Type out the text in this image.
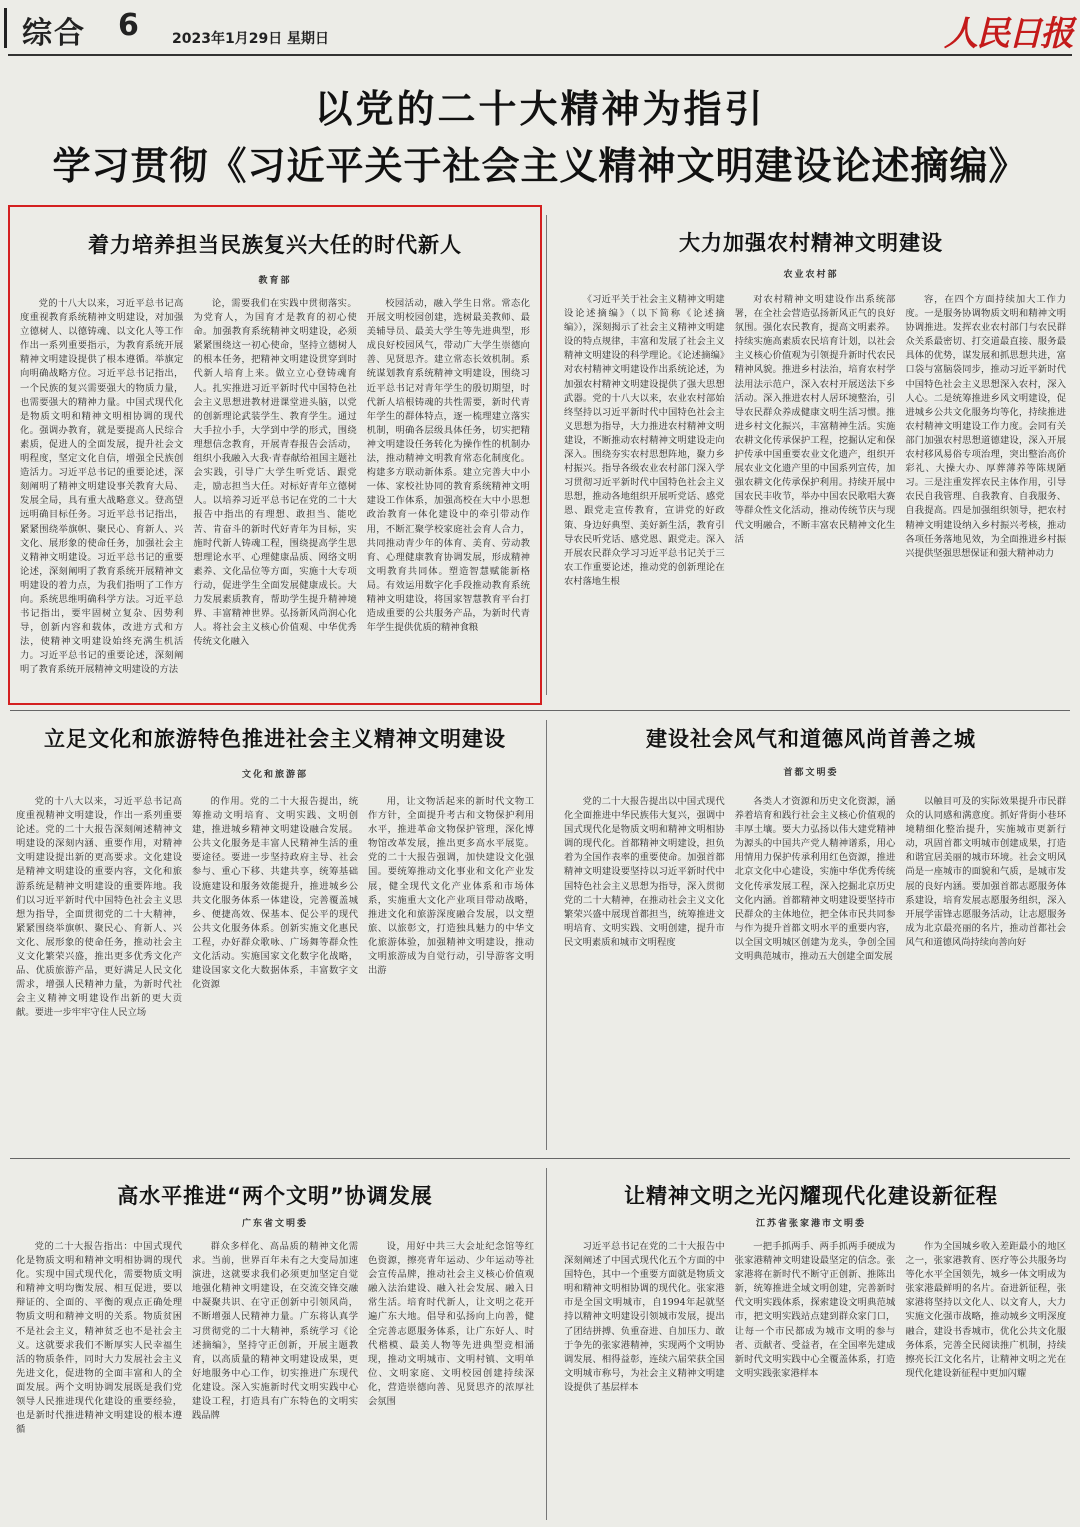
综合 6 2023年1月29日 星期日	人民日报
以党的二十大精神为指引
学习贯彻《习近平关于社会主义精神文明建设论述摘编》
着力培养担当民族复兴大任的时代新人
教育部

党的十八大以来，习近平总书记高度重视教育系统精神文明建设，对加强立德树人、以德铸魂、以文化人等工作作出一系列重要指示，为教育系统开展精神文明建设提供了根本遵循。举旗定向明确战略方位。习近平总书记指出，一个民族的复兴需要强大的物质力量，也需要强大的精神力量。中国式现代化是物质文明和精神文明相协调的现代化。强调办教育，就是要提高人民综合素质，促进人的全面发展，提升社会文明程度，坚定文化自信，增强全民族创造活力。习近平总书记的重要论述，深刻阐明了精神文明建设事关教育大局、发展全局，具有重大战略意义。登高望远明确目标任务。习近平总书记指出，紧紧围绕举旗帜、聚民心、育新人、兴文化、展形象的使命任务，加强社会主义精神文明建设。习近平总书记的重要论述，深刻阐明了教育系统开展精神文明建设的着力点，为我们指明了工作方向。系统思维明确科学方法。习近平总书记指出，要牢固树立复杂、因势利导，创新内容和载体，改进方式和方法，使精神文明建设始终充满生机活力。习近平总书记的重要论述，深刻阐明了教育系统开展精神文明建设的方法

论，需要我们在实践中贯彻落实。为党育人，为国育才是教育的初心使命。加强教育系统精神文明建设，必须紧紧围绕这一初心使命，坚持立德树人的根本任务，把精神文明建设贯穿到时代新人培育上来。做立立心登铸魂育人。扎实推进习近平新时代中国特色社会主义思想进教材进课堂进头脑，以党的创新理论武装学生、教育学生。通过大手拉小手，大学到中学的形式，围绕理想信念教育，开展青春报告会活动，组织小我融入大我·青春献给祖国主题社会实践，引导广大学生听党话、跟党走，励志担当大任。对标好青年立德树人。以培养习近平总书记在党的二十大报告中指出的有理想、敢担当、能吃苦、肯奋斗的新时代好青年为目标，实施时代新人铸魂工程，围绕提高学生思想理论水平、心理健康品质、网络文明素养、文化品位等方面，实施十大专项行动，促进学生全面发展健康成长。大力发展素质教育，帮助学生提升精神境界、丰富精神世界。弘扬新风尚润心化人。将社会主义核心价值观、中华优秀传统文化融入

校园活动，融入学生日常。常态化开展文明校园创建，选树最美教师、最美辅导员、最美大学生等先进典型，形成良好校园风气，带动广大学生崇德向善、见贤思齐。建立常态长效机制。系统谋划教育系统精神文明建设，围绕习近平总书记对青年学生的殷切期望，时代新人培根铸魂的共性需要，新时代青年学生的群体特点，逐一梳理建立落实机制，明确各层级具体任务，切实把精神文明建设任务转化为操作性的机制办法，推动精神文明教育常态化制度化。构建多方联动新体系。建立完善大中小一体、家校社协同的教育系统精神文明建设工作体系，加强高校在大中小思想政治教育一体化建设中的牵引带动作用，不断汇聚学校家庭社会育人合力，共同推动青少年的体育、美育、劳动教育、心理健康教育协调发展，形成精神文明教育共同体。塑造智慧赋能新格局。有效运用数字化手段推动教育系统精神文明建设，将国家智慧教育平台打造成重要的公共服务产品，为新时代青年学生提供优质的精神食粮

大力加强农村精神文明建设
农业农村部

《习近平关于社会主义精神文明建设论述摘编》（以下简称《论述摘编》），深刻揭示了社会主义精神文明建设的特点规律，丰富和发展了社会主义精神文明建设的科学理论。《论述摘编》对农村精神文明建设作出系统论述，为加强农村精神文明建设提供了强大思想武器。党的十八大以来，农业农村部始终坚持以习近平新时代中国特色社会主义思想为指导，大力推进农村精神文明建设，不断推动农村精神文明建设走向深入。围绕夯实农村思想阵地，聚力乡村振兴。指导各级农业农村部门深入学习贯彻习近平新时代中国特色社会主义思想，推动各地组织开展听党话、感党恩、跟党走宣传教育，宣讲党的好政策、身边好典型、美好新生活，教育引导农民听党话、感党恩、跟党走。深入开展农民群众学习习近平总书记关于三农工作重要论述，推动党的创新理论在农村落地生根

对农村精神文明建设作出系统部署，在全社会营造弘扬新风正气的良好氛围。强化农民教育，提高文明素养。持续实施高素质农民培育计划，以社会主义核心价值观为引领提升新时代农民精神风貌。推进乡村法治，培育农村学法用法示范户，深入农村开展送法下乡活动。深入推进农村人居环境整治，引导农民群众养成健康文明生活习惯。推进乡村文化振兴，丰富精神生活。实施农耕文化传承保护工程，挖掘认定和保护传承中国重要农业文化遗产，组织开展农业文化遗产里的中国系列宣传，加强农耕文化传承保护利用。持续开展中国农民丰收节，举办中国农民歌唱大赛等群众性文化活动，推动传统节庆与现代文明融合，不断丰富农民精神文化生活

容，在四个方面持续加大工作力度。一是服务协调物质文明和精神文明协调推进。发挥农业农村部门与农民群众关系最密切、打交道最直接、服务最具体的优势，谋发展和抓思想共进，富口袋与富脑袋同步，推动习近平新时代中国特色社会主义思想深入农村，深入人心。二是统筹推进乡风文明建设，促进城乡公共文化服务均等化，持续推进农村精神文明建设工作力度。会同有关部门加强农村思想道德建设，深入开展农村移风易俗专项治理，突出整治高价彩礼、大操大办、厚葬薄养等陈规陋习。三是注重发挥农民主体作用，引导农民自我管理、自我教育、自我服务、自我提高。四是加强组织领导，把农村精神文明建设纳入乡村振兴考核，推动各项任务落地见效，为全面推进乡村振兴提供坚强思想保证和强大精神动力

立足文化和旅游特色推进社会主义精神文明建设
文化和旅游部

党的十八大以来，习近平总书记高度重视精神文明建设，作出一系列重要论述。党的二十大报告深刻阐述精神文明建设的深刻内涵、重要作用，对精神文明建设提出新的更高要求。文化建设是精神文明建设的重要内容，文化和旅游系统是精神文明建设的重要阵地。我们以习近平新时代中国特色社会主义思想为指导，全面贯彻党的二十大精神，紧紧围绕举旗帜、聚民心、育新人、兴文化、展形象的使命任务，推动社会主义文化繁荣兴盛，推出更多优秀文化产品、优质旅游产品，更好满足人民文化需求，增强人民精神力量，为新时代社会主义精神文明建设作出新的更大贡献。要进一步牢牢守住人民立场

的作用。党的二十大报告提出，统筹推动文明培育、文明实践、文明创建，推进城乡精神文明建设融合发展。公共文化服务是丰富人民精神生活的重要途径。要进一步坚持政府主导、社会参与、重心下移、共建共享，统筹基础设施建设和服务效能提升，推进城乡公共文化服务体系一体建设，完善覆盖城乡、便捷高效、保基本、促公平的现代公共文化服务体系。创新实施文化惠民工程，办好群众歌咏、广场舞等群众性文化活动。实施国家文化数字化战略，建设国家文化大数据体系，丰富数字文化资源

用，让文物活起来的新时代文物工作方针，全面提升考古和文物保护利用水平，推进革命文物保护管理，深化博物馆改革发展，推出更多高水平展览。党的二十大报告强调，加快建设文化强国。要统筹推动文化事业和文化产业发展，健全现代文化产业体系和市场体系，实施重大文化产业项目带动战略，推进文化和旅游深度融合发展，以文塑旅、以旅彰文，打造独具魅力的中华文化旅游体验，加强精神文明建设，推动文明旅游成为自觉行动，引导游客文明出游

建设社会风气和道德风尚首善之城
首都文明委

党的二十大报告提出以中国式现代化全面推进中华民族伟大复兴，强调中国式现代化是物质文明和精神文明相协调的现代化。首都精神文明建设，担负着为全国作表率的重要使命。加强首都精神文明建设要坚持以习近平新时代中国特色社会主义思想为指导，深入贯彻党的二十大精神，在推动社会主义文化繁荣兴盛中展现首都担当，统筹推进文明培育、文明实践、文明创建，提升市民文明素质和城市文明程度

各类人才资源和历史文化资源，涵养着培育和践行社会主义核心价值观的丰厚土壤。要大力弘扬以伟大建党精神为源头的中国共产党人精神谱系，用心用情用力保护传承利用红色资源，推进北京文化中心建设，实施中华优秀传统文化传承发展工程，深入挖掘北京历史文化内涵。首都精神文明建设要坚持市民群众的主体地位，把全体市民共同参与作为提升首都文明水平的重要内容，以全国文明城区创建为龙头，争创全国文明典范城市，推动五大创建全面发展

以触目可及的实际效果提升市民群众的认同感和满意度。抓好背街小巷环境精细化整治提升，实施城市更新行动，巩固首都文明城市创建成果，打造和谐宜居美丽的城市环境。社会文明风尚是一座城市的面貌和气质，是城市发展的良好内涵。要加强首都志愿服务体系建设，培育发展志愿服务组织，深入开展学雷锋志愿服务活动，让志愿服务成为北京最亮丽的名片，推动首都社会风气和道德风尚持续向善向好

高水平推进“两个文明”协调发展
广东省文明委

党的二十大报告指出：中国式现代化是物质文明和精神文明相协调的现代化。实现中国式现代化，需要物质文明和精神文明均衡发展、相互促进，要以辩证的、全面的、平衡的观点正确处理物质文明和精神文明的关系。物质贫困不是社会主义，精神贫乏也不是社会主义。这就要求我们不断厚实人民幸福生活的物质条件，同时大力发展社会主义先进文化，促进物的全面丰富和人的全面发展。两个文明协调发展既是我们党领导人民推进现代化建设的重要经验，也是新时代推进精神文明建设的根本遵循

群众多样化、高品质的精神文化需求。当前，世界百年未有之大变局加速演进，这就要求我们必须更加坚定自觉地强化精神文明建设，在交流交锋交融中凝聚共识、在守正创新中引领风尚，不断增强人民精神力量。广东将认真学习贯彻党的二十大精神，系统学习《论述摘编》，坚持守正创新，开展主题教育，以高质量的精神文明建设成果，更好地服务中心工作，切实推进广东现代化建设。深入实施新时代文明实践中心建设工程，打造具有广东特色的文明实践品牌

设，用好中共三大会址纪念馆等红色资源，擦亮青年运动、少年运动等社会宣传品牌，推动社会主义核心价值观融入法治建设、融入社会发展、融入日常生活。培育时代新人，让文明之花开遍广东大地。倡导和弘扬向上向善，健全完善志愿服务体系，让广东好人、时代楷模、最美人物等先进典型竞相涌现，推动文明城市、文明村镇、文明单位、文明家庭、文明校园创建持续深化，营造崇德向善、见贤思齐的浓厚社会氛围

让精神文明之光闪耀现代化建设新征程
江苏省张家港市文明委

习近平总书记在党的二十大报告中深刻阐述了中国式现代化五个方面的中国特色，其中一个重要方面就是物质文明和精神文明相协调的现代化。张家港市是全国文明城市，自1994年起就坚持以精神文明建设引领城市发展，提出了团结拼搏、负重奋进、自加压力、敢于争先的张家港精神，实现两个文明协调发展、相得益彰，连续六届荣获全国文明城市称号，为社会主义精神文明建设提供了基层样本

一把手抓两手、两手抓两手硬成为张家港精神文明建设最坚定的信念。张家港将在新时代不断守正创新、推陈出新，统筹推进全域文明创建，完善新时代文明实践体系，探索建设文明典范城市，把文明实践站点建到群众家门口，让每一个市民都成为城市文明的参与者、贡献者、受益者，在全国率先建成新时代文明实践中心全覆盖体系，打造文明实践张家港样本

作为全国城乡收入差距最小的地区之一，张家港教育、医疗等公共服务均等化水平全国领先，城乡一体文明成为张家港最鲜明的名片。奋进新征程，张家港将坚持以文化人、以文育人，大力实施文化强市战略，推动城乡文明深度融合，建设书香城市，优化公共文化服务体系，完善全民阅读推广机制，持续擦亮长江文化名片，让精神文明之光在现代化建设新征程中更加闪耀
